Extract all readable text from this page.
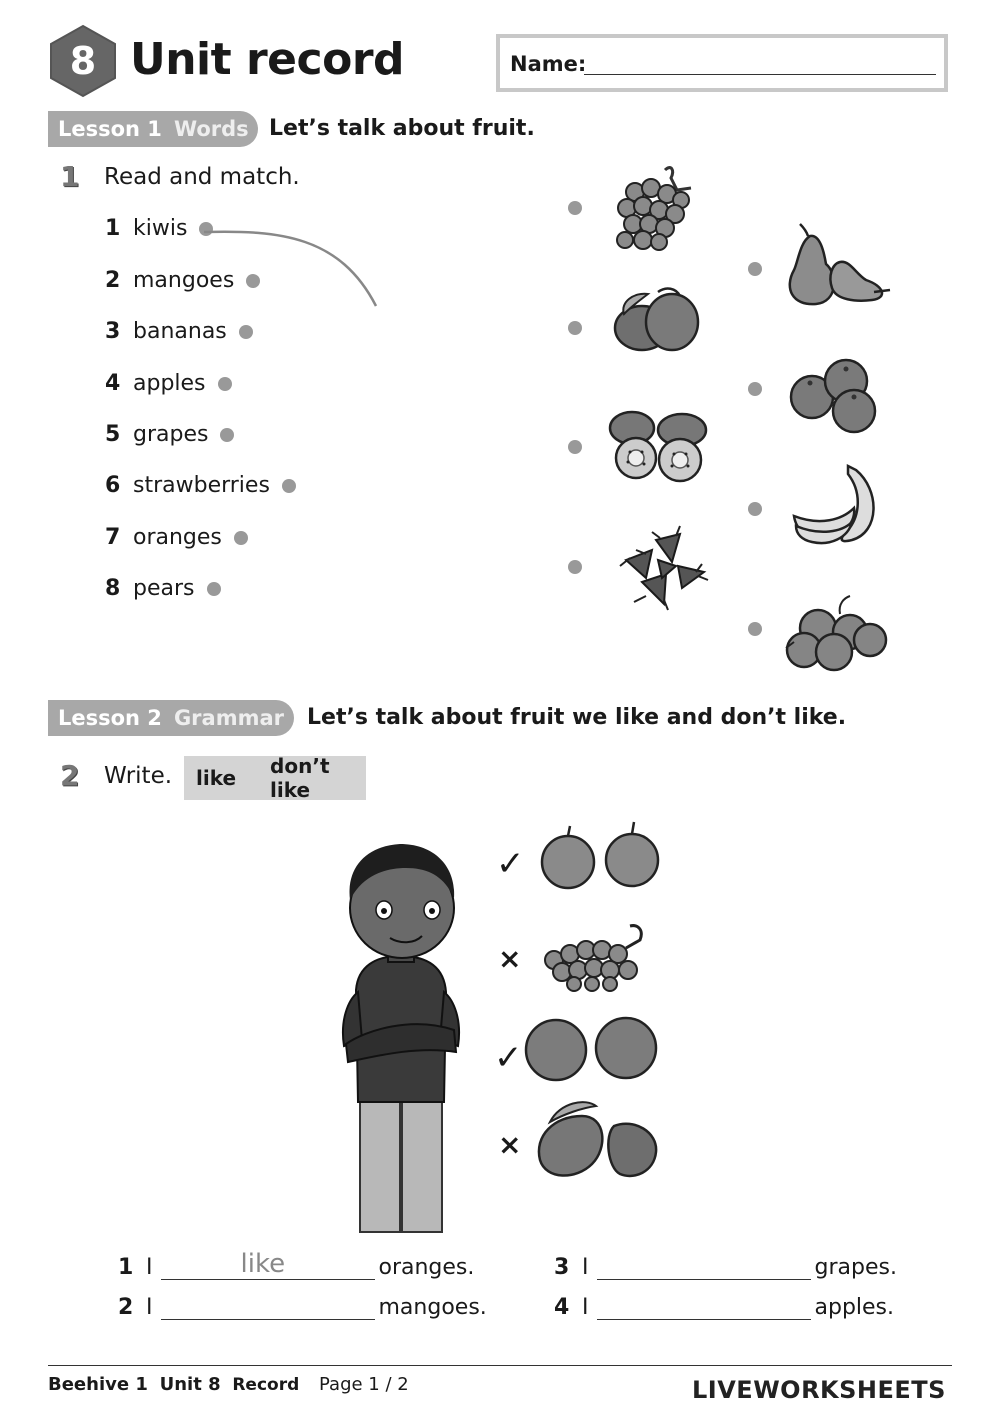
8 Unit record	Name:
Lesson 1 Words Let’s talk about fruit.
1	Read and match.
1 kiwis
2 mangoes
3 bananas
4 apples
5 grapes
6 strawberries
7 oranges
8 pears
Lesson 2 Grammar Let’s talk about fruit we like and don’t like.
2	Write. like don’t like
✓
×
✓
×
1 I	like	oranges.
2 I	mangoes.
3 I	grapes.
4 I	apples.
Beehive 1 Unit 8 Record Page 1 / 2	LIVEWORKSHEETS
